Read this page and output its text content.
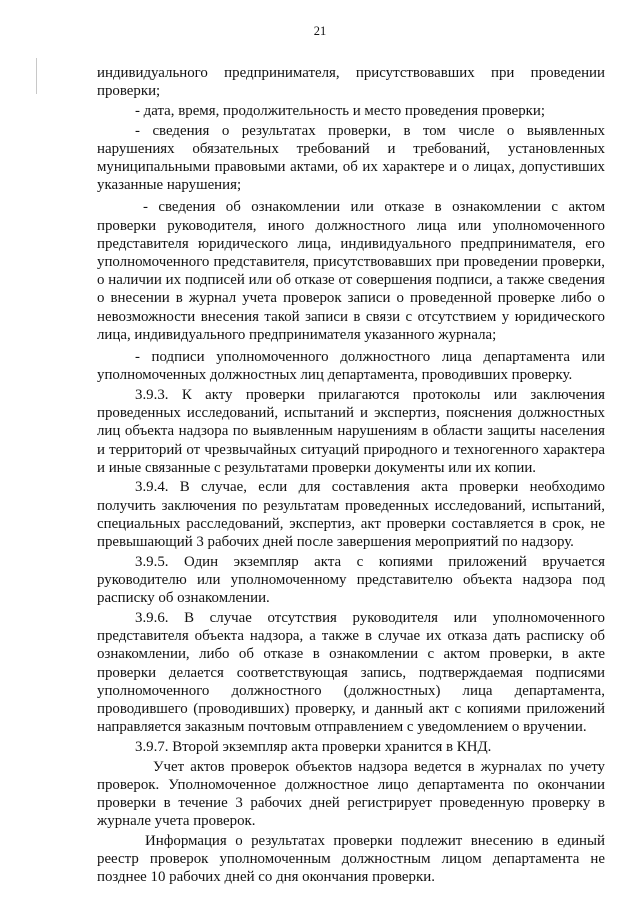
21

индивидуального предпринимателя, присутствовавших при проведении проверки;

- дата, время, продолжительность и место проведения проверки;

- сведения о результатах проверки, в том числе о выявленных нарушениях обязательных требований и требований, установленных муниципальными правовыми актами, об их характере и о лицах, допустивших указанные нарушения;

- сведения об ознакомлении или отказе в ознакомлении с актом проверки руководителя, иного должностного лица или уполномоченного представителя юридического лица, индивидуального предпринимателя, его уполномоченного представителя, присутствовавших при проведении проверки, о наличии их подписей или об отказе от совершения подписи, а также сведения о внесении в журнал учета проверок записи о проведенной проверке либо о невозможности внесения такой записи в связи с отсутствием у юридического лица, индивидуального предпринимателя указанного журнала;

- подписи уполномоченного должностного лица департамента или уполномоченных должностных лиц департамента, проводивших проверку.

3.9.3. К акту проверки прилагаются протоколы или заключения проведенных исследований, испытаний и экспертиз, пояснения должностных лиц объекта надзора по выявленным нарушениям в области защиты населения и территорий от чрезвычайных ситуаций природного и техногенного характера и иные связанные с результатами проверки документы или их копии.

3.9.4. В случае, если для составления акта проверки необходимо получить заключения по результатам проведенных исследований, испытаний, специальных расследований, экспертиз, акт проверки составляется в срок, не превышающий 3 рабочих дней после завершения мероприятий по надзору.

3.9.5. Один экземпляр акта с копиями приложений вручается руководителю или уполномоченному представителю объекта надзора под расписку об ознакомлении.

3.9.6. В случае отсутствия руководителя или уполномоченного представителя объекта надзора, а также в случае их отказа дать расписку об ознакомлении, либо об отказе в ознакомлении с актом проверки, в акте проверки делается соответствующая запись, подтверждаемая подписями уполномоченного должностного (должностных) лица департамента, проводившего (проводивших) проверку, и данный акт с копиями приложений направляется заказным почтовым отправлением с уведомлением о вручении.

3.9.7. Второй экземпляр акта проверки хранится в КНД.

Учет актов проверок объектов надзора ведется в журналах по учету проверок. Уполномоченное должностное лицо департамента по окончании проверки в течение 3 рабочих дней регистрирует проведенную проверку в журнале учета проверок.

Информация о результатах проверки подлежит внесению в единый реестр проверок уполномоченным должностным лицом департамента не позднее 10 рабочих дней со дня окончания проверки.
